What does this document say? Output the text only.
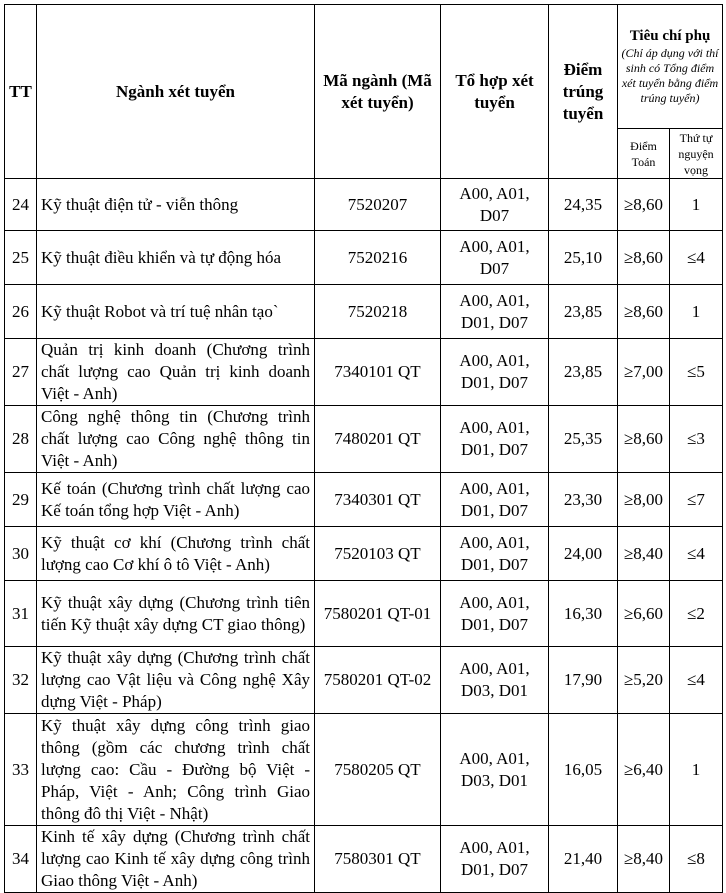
TT	Ngành xét tuyển	Mã ngành (Mã xét tuyển)	Tổ hợp xét tuyển	Điểm trúng tuyển	Tiêu chí phụ
(Chỉ áp dụng với thí sinh có Tổng điểm xét tuyển bằng điểm trúng tuyển)	

					Điểm Toán	Thứ tự nguyện vọng
24	Kỹ thuật điện tử - viễn thông	7520207	A00, A01, D07	24,35	≥8,60	1
25	Kỹ thuật điều khiển và tự động hóa	7520216	A00, A01, D07	25,10	≥8,60	≤4
26	Kỹ thuật Robot và trí tuệ nhân tạo`	7520218	A00, A01, D01, D07	23,85	≥8,60	1
27	Quản trị kinh doanh (Chương trình chất lượng cao Quản trị kinh doanh Việt - Anh)	7340101 QT	A00, A01, D01, D07	23,85	≥7,00	≤5
28	Công nghệ thông tin (Chương trình chất lượng cao Công nghệ thông tin Việt - Anh)	7480201 QT	A00, A01, D01, D07	25,35	≥8,60	≤3
29	Kế toán (Chương trình chất lượng cao Kế toán tổng hợp Việt - Anh)	7340301 QT	A00, A01, D01, D07	23,30	≥8,00	≤7
30	Kỹ thuật cơ khí (Chương trình chất lượng cao Cơ khí ô tô Việt - Anh)	7520103 QT	A00, A01, D01, D07	24,00	≥8,40	≤4
31	Kỹ thuật xây dựng (Chương trình tiên tiến Kỹ thuật xây dựng CT giao thông)	7580201 QT-01	A00, A01, D01, D07	16,30	≥6,60	≤2
32	Kỹ thuật xây dựng (Chương trình chất lượng cao Vật liệu và Công nghệ Xây dựng Việt - Pháp)	7580201 QT-02	A00, A01, D03, D01	17,90	≥5,20	≤4
33	Kỹ thuật xây dựng công trình giao thông (gồm các chương trình chất lượng cao: Cầu - Đường bộ Việt - Pháp, Việt - Anh; Công trình Giao thông đô thị Việt - Nhật)	7580205 QT	A00, A01, D03, D01	16,05	≥6,40	1
34	Kinh tế xây dựng (Chương trình chất lượng cao Kinh tế xây dựng công trình Giao thông Việt - Anh)	7580301 QT	A00, A01, D01, D07	21,40	≥8,40	≤8
